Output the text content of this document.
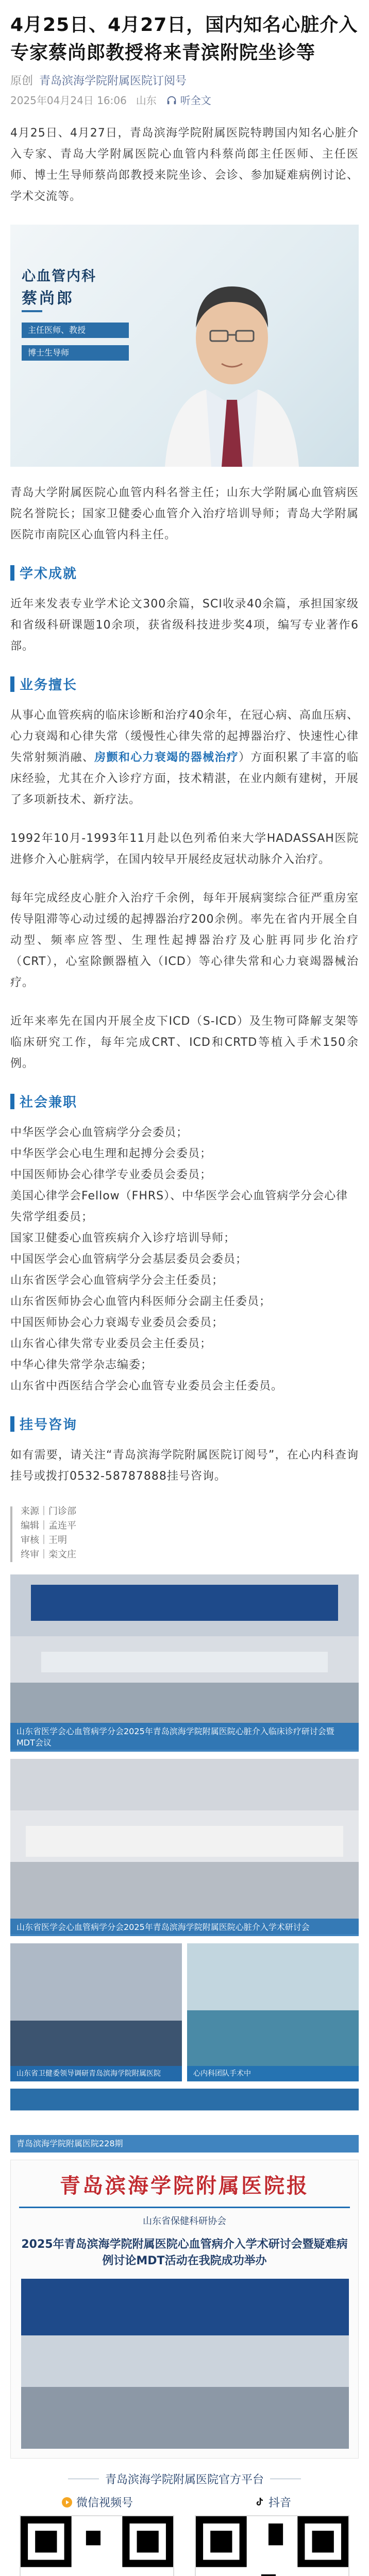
4月25日、4月27日，国内知名心脏介入专家蔡尚郎教授将来青滨附院坐诊等
原创 青岛滨海学院附属医院订阅号
2025年04月24日 16:06 山东 听全文

4月25日、4月27日，青岛滨海学院附属医院特聘国内知名心脏介入专家、青岛大学附属医院心血管内科蔡尚郎主任医师、主任医师、博士生导师蔡尚郎教授来院坐诊、会诊、参加疑难病例讨论、学术交流等。

心血管内科
蔡尚郎
主任医师、教授
博士生导师

青岛大学附属医院心血管内科名誉主任；山东大学附属心血管病医院名誉院长；国家卫健委心血管介入治疗培训导师；青岛大学附属医院市南院区心血管内科主任。

学术成就

近年来发表专业学术论文300余篇，SCI收录40余篇，承担国家级和省级科研课题10余项，获省级科技进步奖4项，编写专业著作6部。

业务擅长

从事心血管疾病的临床诊断和治疗40余年，在冠心病、高血压病、心力衰竭和心律失常（缓慢性心律失常的起搏器治疗、快速性心律失常射频消融、房颤和心力衰竭的器械治疗）方面积累了丰富的临床经验，尤其在介入诊疗方面，技术精湛，在业内颇有建树，开展了多项新技术、新疗法。

1992年10月-1993年11月赴以色列希伯来大学HADASSAH医院进修介入心脏病学，在国内较早开展经皮冠状动脉介入治疗。

每年完成经皮心脏介入治疗千余例，每年开展病窦综合征严重房室传导阻滞等心动过缓的起搏器治疗200余例。率先在省内开展全自动型、频率应答型、生理性起搏器治疗及心脏再同步化治疗（CRT），心室除颤器植入（ICD）等心律失常和心力衰竭器械治疗。

近年来率先在国内开展全皮下ICD（S-ICD）及生物可降解支架等临床研究工作，每年完成CRT、ICD和CRTD等植入手术150余例。

社会兼职

中华医学会心血管病学分会委员；

中华医学会心电生理和起搏分会委员；

中国医师协会心律学专业委员会委员；

美国心律学会Fellow（FHRS）、中华医学会心血管病学分会心律失常学组委员；

国家卫健委心血管疾病介入诊疗培训导师；

中国医学会心血管病学分会基层委员会委员；

山东省医学会心血管病学分会主任委员；

山东省医师协会心血管内科医师分会副主任委员；

中国医师协会心力衰竭专业委员会委员；

山东省心律失常专业委员会主任委员；

中华心律失常学杂志编委；

山东省中西医结合学会心血管专业委员会主任委员。

挂号咨询

如有需要，请关注“青岛滨海学院附属医院订阅号”，在心内科查询挂号或拨打0532-58787888挂号咨询。

来源｜门诊部

编辑｜孟连平

审核｜王明

终审｜栾文庄

山东省医学会心血管病学分会2025年青岛滨海学院附属医院心脏介入临床诊疗研讨会暨MDT会议
山东省医学会心血管病学分会2025年青岛滨海学院附属医院心脏介入学术研讨会
山东省卫健委领导调研青岛滨海学院附属医院	心内科团队手术中
青岛滨海学院附属医院228期
青岛滨海学院附属医院报
山东省保健科研协会
2025年青岛滨海学院附属医院心血管病介入学术研讨会暨疑难病例讨论MDT活动在我院成功举办
青岛滨海学院附属医院官方平台
微信视频号	抖音
